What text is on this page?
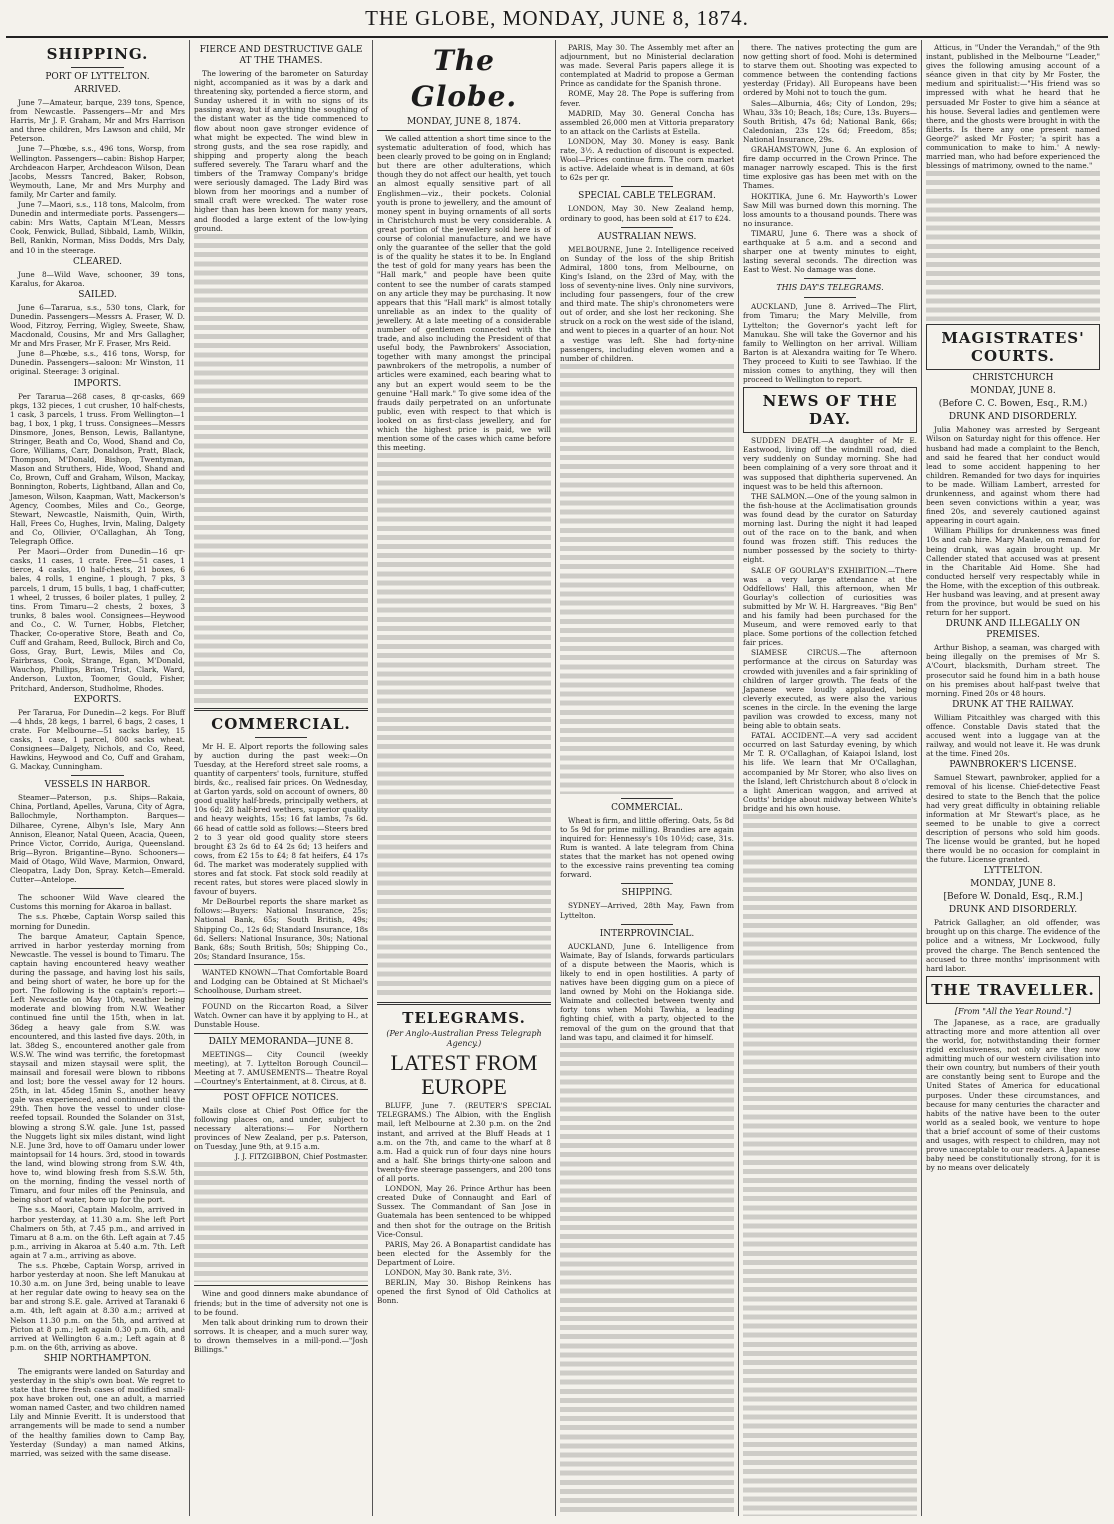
THE GLOBE, MONDAY, JUNE 8, 1874.
SHIPPING.
PORT OF LYTTELTON.
ARRIVED.

June 7—Amateur, barque, 239 tons, Spence, from Newcastle. Passengers—Mr and Mrs Harris, Mr J. F. Graham, Mr and Mrs Harrison and three children, Mrs Lawson and child, Mr Peterson.

June 7—Phœbe, s.s., 496 tons, Worsp, from Wellington. Passengers—cabin: Bishop Harper, Archdeacon Harper, Archdeacon Wilson, Dean Jacobs, Messrs Tancred, Baker, Robson, Weymouth, Lane, Mr and Mrs Murphy and family, Mr Carter and family.

June 7—Maori, s.s., 118 tons, Malcolm, from Dunedin and intermediate ports. Passengers—cabin: Mrs Watts, Captain M'Lean, Messrs Cook, Fenwick, Bullad, Sibbald, Lamb, Wilkin, Bell, Rankin, Norman, Miss Dodds, Mrs Daly, and 10 in the steerage.

CLEARED.

June 8—Wild Wave, schooner, 39 tons, Karalus, for Akaroa.

SAILED.

June 6—Tararua, s.s., 530 tons, Clark, for Dunedin. Passengers—Messrs A. Fraser, W. D. Wood, Fitzroy, Ferring, Wigley, Sweete, Shaw, Macdonald, Cousins, Mr and Mrs Gallagher, Mr and Mrs Fraser, Mr F. Fraser, Mrs Reid.

June 8—Phœbe, s.s., 416 tons, Worsp, for Dunedin. Passengers—saloon: Mr Winston, 11 original. Steerage: 3 original.

IMPORTS.

Per Tararua—268 cases, 8 qr-casks, 669 pkgs, 132 pieces, 1 cut crusher, 10 half-chests, 1 cask, 3 parcels, 1 truss. From Wellington—1 bag, 1 box, 1 pkg, 1 truss. Consignees—Messrs Dinsmore, Jones, Benson, Lewis, Ballantyne, Stringer, Beath and Co, Wood, Shand and Co, Gore, Williams, Carr, Donaldson, Pratt, Black, Thompson, M'Donald, Bishop, Twentyman, Mason and Struthers, Hide, Wood, Shand and Co, Brown, Cuff and Graham, Wilson, Mackay, Bonnington, Roberts, Lightband, Allan and Co, Jameson, Wilson, Kaapman, Watt, Mackerson's Agency, Coombes, Miles and Co., George, Stewart, Newcastle, Naismith, Quin, Wirth, Hall, Frees Co, Hughes, Irvin, Maling, Dalgety and Co, Ollivier, O'Callaghan, Ah Tong, Telegraph Office.

Per Maori—Order from Dunedin—16 qr-casks, 11 cases, 1 crate. Free—51 cases, 1 tierce, 4 casks, 10 half-chests, 21 boxes, 6 bales, 4 rolls, 1 engine, 1 plough, 7 pks, 3 parcels, 1 drum, 15 bulls, 1 bag, 1 chaff-cutter, 1 wheel, 2 trusses, 6 boiler plates, 1 pulley, 2 tins. From Timaru—2 chests, 2 boxes, 3 trunks, 8 bales wool. Consignees—Heywood and Co., C. W. Turner, Hobbs, Fletcher, Thacker, Co-operative Store, Beath and Co, Cuff and Graham, Reed, Bullock, Birch and Co, Goss, Gray, Burt, Lewis, Miles and Co, Fairbrass, Cook, Strange, Egan, M'Donald, Wauchop, Phillips, Brian, Trist, Clark, Ward, Anderson, Luxton, Toomer, Gould, Fisher, Pritchard, Anderson, Studholme, Rhodes.

EXPORTS.

Per Tararua, For Dunedin—2 kegs. For Bluff—4 hhds, 28 kegs, 1 barrel, 6 bags, 2 cases, 1 crate. For Melbourne—51 sacks barley, 15 casks, 1 case, 1 parcel, 800 sacks wheat. Consignees—Dalgety, Nichols, and Co, Reed, Hawkins, Heywood and Co, Cuff and Graham, G. Mackay, Cunningham.

VESSELS IN HARBOR.

Steamer—Paterson, p.s. Ships—Rakaia, China, Portland, Apelles, Varuna, City of Agra, Ballochmyle, Northampton. Barques—Dilharee, Cyrene, Albyn's Isle, Mary Ann Annison, Eleanor, Natal Queen, Acacia, Queen, Prince Victor, Corrido, Auriga, Queensland. Brig—Byron. Brigantine—Byno. Schooners—Maid of Otago, Wild Wave, Marmion, Onward, Cleopatra, Lady Don, Spray. Ketch—Emerald. Cutter—Antelope.

The schooner Wild Wave cleared the Customs this morning for Akaroa in ballast.

The s.s. Phœbe, Captain Worsp sailed this morning for Dunedin.

The barque Amateur, Captain Spence, arrived in harbor yesterday morning from Newcastle. The vessel is bound to Timaru. The captain having encountered heavy weather during the passage, and having lost his sails, and being short of water, he bore up for the port. The following is the captain's report:—Left Newcastle on May 10th, weather being moderate and blowing from N.W. Weather continued fine until the 15th, when in lat. 36deg a heavy gale from S.W. was encountered, and this lasted five days. 20th, in lat. 38deg S., encountered another gale from W.S.W. The wind was terrific, the foretopmast staysail and mizen staysail were split, the mainsail and foresail were blown to ribbons and lost; bore the vessel away for 12 hours. 25th, in lat. 45deg 15min S., another heavy gale was experienced, and continued until the 29th. Then hove the vessel to under close-reefed topsail. Rounded the Solander on 31st, blowing a strong S.W. gale. June 1st, passed the Nuggets light six miles distant, wind light N.E. June 3rd, hove to off Oamaru under lower maintopsail for 14 hours. 3rd, stood in towards the land, wind blowing strong from S.W. 4th, hove to, wind blowing fresh from S.S.W. 5th, on the morning, finding the vessel north of Timaru, and four miles off the Peninsula, and being short of water, bore up for the port.

The s.s. Maori, Captain Malcolm, arrived in harbor yesterday, at 11.30 a.m. She left Port Chalmers on 5th, at 7.45 p.m., and arrived in Timaru at 8 a.m. on the 6th. Left again at 7.45 p.m., arriving in Akaroa at 5.40 a.m. 7th. Left again at 7 a.m., arriving as above.

The s.s. Phœbe, Captain Worsp, arrived in harbor yesterday at noon. She left Manukau at 10.30 a.m. on June 3rd, being unable to leave at her regular date owing to heavy sea on the bar and strong S.E. gale. Arrived at Taranaki 6 a.m. 4th, left again at 8.30 a.m.; arrived at Nelson 11.30 p.m. on the 5th, and arrived at Picton at 8 p.m.; left again 0.30 p.m. 6th, and arrived at Wellington 6 a.m.; Left again at 8 p.m. on the 6th, arriving as above.

SHIP NORTHAMPTON.

The emigrants were landed on Saturday and yesterday in the ship's own boat. We regret to state that three fresh cases of modified small-pox have broken out, one an adult, a married woman named Caster, and two children named Lily and Minnie Everitt. It is understood that arrangements will be made to send a number of the healthy families down to Camp Bay, Yesterday (Sunday) a man named Atkins, married, was seized with the same disease.

FIERCE AND DESTRUCTIVE GALE AT THE THAMES.

The lowering of the barometer on Saturday night, accompanied as it was by a dark and threatening sky, portended a fierce storm, and Sunday ushered it in with no signs of its passing away, but if anything the soughing of the distant water as the tide commenced to flow about noon gave stronger evidence of what might be expected. The wind blew in strong gusts, and the sea rose rapidly, and shipping and property along the beach suffered severely. The Tararu wharf and the timbers of the Tramway Company's bridge were seriously damaged. The Lady Bird was blown from her moorings and a number of small craft were wrecked. The water rose higher than has been known for many years, and flooded a large extent of the low-lying ground.

COMMERCIAL.

Mr H. E. Alport reports the following sales by auction during the past week:—On Tuesday, at the Hereford street sale rooms, a quantity of carpenters' tools, furniture, stuffed birds, &c., realised fair prices. On Wednesday, at Garton yards, sold on account of owners, 80 good quality half-breds, principally wethers, at 10s 6d; 28 half-bred wethers, superior quality and heavy weights, 15s; 16 fat lambs, 7s 6d. 66 head of cattle sold as follows:—Steers bred 2 to 3 year old good quality store steers brought £3 2s 6d to £4 2s 6d; 13 heifers and cows, from £2 15s to £4; 8 fat heifers, £4 17s 6d. The market was moderately supplied with stores and fat stock. Fat stock sold readily at recent rates, but stores were placed slowly in favour of buyers.

Mr DeBourbel reports the share market as follows:—Buyers: National Insurance, 25s; National Bank, 65s; South British, 49s; Shipping Co., 12s 6d; Standard Insurance, 18s 6d. Sellers: National Insurance, 30s; National Bank, 68s; South British, 50s; Shipping Co., 20s; Standard Insurance, 15s.

WANTED KNOWN—That Comfortable Board and Lodging can be Obtained at St Michael's Schoolhouse, Durham street.

FOUND on the Riccarton Road, a Silver Watch. Owner can have it by applying to H., at Dunstable House.

DAILY MEMORANDA—JUNE 8.

MEETINGS— City Council (weekly meeting), at 7. Lyttelton Borough Council—Meeting at 7. AMUSEMENTS— Theatre Royal—Courtney's Entertainment, at 8. Circus, at 8.

POST OFFICE NOTICES.

Mails close at Chief Post Office for the following places on, and under, subject to necessary alterations:— For Northern provinces of New Zealand, per p.s. Paterson, on Tuesday, June 9th, at 9.15 a.m.

J. J. FITZGIBBON, Chief Postmaster.

Wine and good dinners make abundance of friends; but in the time of adversity not one is to be found.

Men talk about drinking rum to drown their sorrows. It is cheaper, and a much surer way, to drown themselves in a mill-pond.—"Josh Billings."

The Globe.
MONDAY, JUNE 8, 1874.

We called attention a short time since to the systematic adulteration of food, which has been clearly proved to be going on in England; but there are other adulterations, which though they do not affect our health, yet touch an almost equally sensitive part of all Englishmen—viz., their pockets. Colonial youth is prone to jewellery, and the amount of money spent in buying ornaments of all sorts in Christchurch must be very considerable. A great portion of the jewellery sold here is of course of colonial manufacture, and we have only the guarantee of the seller that the gold is of the quality he states it to be. In England the test of gold for many years has been the "Hall mark," and people have been quite content to see the number of carats stamped on any article they may be purchasing. It now appears that this "Hall mark" is almost totally unreliable as an index to the quality of jewellery. At a late meeting of a considerable number of gentlemen connected with the trade, and also including the President of that useful body, the Pawnbrokers' Association, together with many amongst the principal pawnbrokers of the metropolis, a number of articles were examined, each bearing what to any but an expert would seem to be the genuine "Hall mark." To give some idea of the frauds daily perpetrated on an unfortunate public, even with respect to that which is looked on as first-class jewellery, and for which the highest price is paid, we will mention some of the cases which came before this meeting.

TELEGRAMS.
(Per Anglo-Australian Press Telegraph Agency.)
LATEST FROM EUROPE

BLUFF, June 7. (REUTER'S SPECIAL TELEGRAMS.) The Albion, with the English mail, left Melbourne at 2.30 p.m. on the 2nd instant, and arrived at the Bluff Heads at 1 a.m. on the 7th, and came to the wharf at 8 a.m. Had a quick run of four days nine hours and a half. She brings thirty-one saloon and twenty-five steerage passengers, and 200 tons of all ports.

LONDON, May 26. Prince Arthur has been created Duke of Connaught and Earl of Sussex. The Commandant of San Jose in Guatemala has been sentenced to be whipped and then shot for the outrage on the British Vice-Consul.

PARIS, May 26. A Bonapartist candidate has been elected for the Assembly for the Department of Loire.

LONDON, May 30. Bank rate, 3½.

BERLIN, May 30. Bishop Reinkens has opened the first Synod of Old Catholics at Bonn.

PARIS, May 30. The Assembly met after an adjournment, but no Ministerial declaration was made. Several Paris papers allege it is contemplated at Madrid to propose a German Prince as candidate for the Spanish throne.

ROME, May 28. The Pope is suffering from fever.

MADRID, May 30. General Concha has assembled 26,000 men at Vittoria preparatory to an attack on the Carlists at Estella.

LONDON, May 30. Money is easy. Bank rate, 3½. A reduction of discount is expected. Wool—Prices continue firm. The corn market is active. Adelaide wheat is in demand, at 60s to 62s per qr.

SPECIAL CABLE TELEGRAM.

LONDON, May 30. New Zealand hemp, ordinary to good, has been sold at £17 to £24.

AUSTRALIAN NEWS.

MELBOURNE, June 2. Intelligence received on Sunday of the loss of the ship British Admiral, 1800 tons, from Melbourne, on King's Island, on the 23rd of May, with the loss of seventy-nine lives. Only nine survivors, including four passengers, four of the crew and third mate. The ship's chronometers were out of order, and she lost her reckoning. She struck on a rock on the west side of the island, and went to pieces in a quarter of an hour. Not a vestige was left. She had forty-nine passengers, including eleven women and a number of children.

COMMERCIAL.

Wheat is firm, and little offering. Oats, 5s 8d to 5s 9d for prime milling. Brandies are again inquired for: Hennessy's 10s 10½d; case, 31s. Rum is wanted. A late telegram from China states that the market has not opened owing to the excessive rains preventing tea coming forward.

SHIPPING.

SYDNEY—Arrived, 28th May, Fawn from Lyttelton.

INTERPROVINCIAL.

AUCKLAND, June 6. Intelligence from Waimate, Bay of Islands, forwards particulars of a dispute between the Maoris, which is likely to end in open hostilities. A party of natives have been digging gum on a piece of land owned by Mohi on the Hokianga side. Waimate and collected between twenty and forty tons when Mohi Tawhia, a leading fighting chief, with a party, objected to the removal of the gum on the ground that that land was tapu, and claimed it for himself.

there. The natives protecting the gum are now getting short of food. Mohi is determined to starve them out. Shooting was expected to commence between the contending factions yesterday (Friday). All Europeans have been ordered by Mohi not to touch the gum.

Sales—Alburnia, 46s; City of London, 29s; Whau, 33s 10; Beach, 18s; Cure, 13s. Buyers—South British, 47s 6d; National Bank, 66s; Caledonian, 23s 12s 6d; Freedom, 85s; National Insurance, 29s.

GRAHAMSTOWN, June 6. An explosion of fire damp occurred in the Crown Prince. The manager narrowly escaped. This is the first time explosive gas has been met with on the Thames.

HOKITIKA, June 6. Mr. Hayworth's Lower Saw Mill was burned down this morning. The loss amounts to a thousand pounds. There was no insurance.

TIMARU, June 6. There was a shock of earthquake at 5 a.m. and a second and sharper one at twenty minutes to eight, lasting several seconds. The direction was East to West. No damage was done.

THIS DAY'S TELEGRAMS.

AUCKLAND, June 8. Arrived—The Flirt, from Timaru; the Mary Melville, from Lyttelton; the Governor's yacht left for Manukau. She will take the Governor and his family to Wellington on her arrival. William Barton is at Alexandra waiting for Te Whero. They proceed to Kuiti to see Tawhiao. If the mission comes to anything, they will then proceed to Wellington to report.

NEWS OF THE DAY.

SUDDEN DEATH.—A daughter of Mr E. Eastwood, living off the windmill road, died very suddenly on Sunday morning. She had been complaining of a very sore throat and it was supposed that diphtheria supervened. An inquest was to be held this afternoon.

THE SALMON.—One of the young salmon in the fish-house at the Acclimatisation grounds was found dead by the curator on Saturday morning last. During the night it had leaped out of the race on to the bank, and when found was frozen stiff. This reduces the number possessed by the society to thirty-eight.

SALE OF GOURLAY'S EXHIBITION.—There was a very large attendance at the Oddfellows' Hall, this afternoon, when Mr Gourlay's collection of curiosities was submitted by Mr W. H. Hargreaves. "Big Ben" and his family had been purchased for the Museum, and were removed early to that place. Some portions of the collection fetched fair prices.

SIAMESE CIRCUS.—The afternoon performance at the circus on Saturday was crowded with juveniles and a fair sprinkling of children of larger growth. The feats of the Japanese were loudly applauded, being cleverly executed, as were also the various scenes in the circle. In the evening the large pavilion was crowded to excess, many not being able to obtain seats.

FATAL ACCIDENT.—A very sad accident occurred on last Saturday evening, by which Mr T. R. O'Callaghan, of Kaiapoi Island, lost his life. We learn that Mr O'Callaghan, accompanied by Mr Storer, who also lives on the Island, left Christchurch about 8 o'clock in a light American waggon, and arrived at Coutts' bridge about midway between White's bridge and his own house.

Atticus, in "Under the Verandah," of the 9th instant, published in the Melbourne "Leader," gives the following amusing account of a séance given in that city by Mr Foster, the medium and spiritualist:—"His friend was so impressed with what he heard that he persuaded Mr Foster to give him a séance at his house. Several ladies and gentlemen were there, and the ghosts were brought in with the filberts. Is there any one present named George?' asked Mr Foster; 'a spirit has a communication to make to him.' A newly-married man, who had before experienced the blessings of matrimony, owned to the name."

MAGISTRATES' COURTS.
CHRISTCHURCH
MONDAY, JUNE 8.
(Before C. C. Bowen, Esq., R.M.)
DRUNK AND DISORDERLY.

Julia Mahoney was arrested by Sergeant Wilson on Saturday night for this offence. Her husband had made a complaint to the Bench, and said he feared that her conduct would lead to some accident happening to her children. Remanded for two days for inquiries to be made. William Lambert, arrested for drunkenness, and against whom there had been seven convictions within a year, was fined 20s, and severely cautioned against appearing in court again.

William Phillips for drunkenness was fined 10s and cab hire. Mary Maule, on remand for being drunk, was again brought up. Mr Callender stated that accused was at present in the Charitable Aid Home. She had conducted herself very respectably while in the Home, with the exception of this outbreak. Her husband was leaving, and at present away from the province, but would be sued on his return for her support.

DRUNK AND ILLEGALLY ON PREMISES.

Arthur Bishop, a seaman, was charged with being illegally on the premises of Mr S. A'Court, blacksmith, Durham street. The prosecutor said he found him in a bath house on his premises about half-past twelve that morning. Fined 20s or 48 hours.

DRUNK AT THE RAILWAY.

William Pitcaithley was charged with this offence. Constable Davis stated that the accused went into a luggage van at the railway, and would not leave it. He was drunk at the time. Fined 20s.

PAWNBROKER'S LICENSE.

Samuel Stewart, pawnbroker, applied for a removal of his license. Chief-detective Feast desired to state to the Bench that the police had very great difficulty in obtaining reliable information at Mr Stewart's place, as he seemed to be unable to give a correct description of persons who sold him goods. The license would be granted, but he hoped there would be no occasion for complaint in the future. License granted.

LYTTELTON.
MONDAY, JUNE 8.
[Before W. Donald, Esq., R.M.]
DRUNK AND DISORDERLY.

Patrick Gallagher, an old offender, was brought up on this charge. The evidence of the police and a witness, Mr Lockwood, fully proved the charge. The Bench sentenced the accused to three months' imprisonment with hard labor.

THE TRAVELLER.
[From "All the Year Round."]

The Japanese, as a race, are gradually attracting more and more attention all over the world, for, notwithstanding their former rigid exclusiveness, not only are they now admitting much of our western civilisation into their own country, but numbers of their youth are constantly being sent to Europe and the United States of America for educational purposes. Under these circumstances, and because for many centuries the character and habits of the native have been to the outer world as a sealed book, we venture to hope that a brief account of some of their customs and usages, with respect to children, may not prove unacceptable to our readers. A Japanese baby need be constitutionally strong, for it is by no means over delicately
